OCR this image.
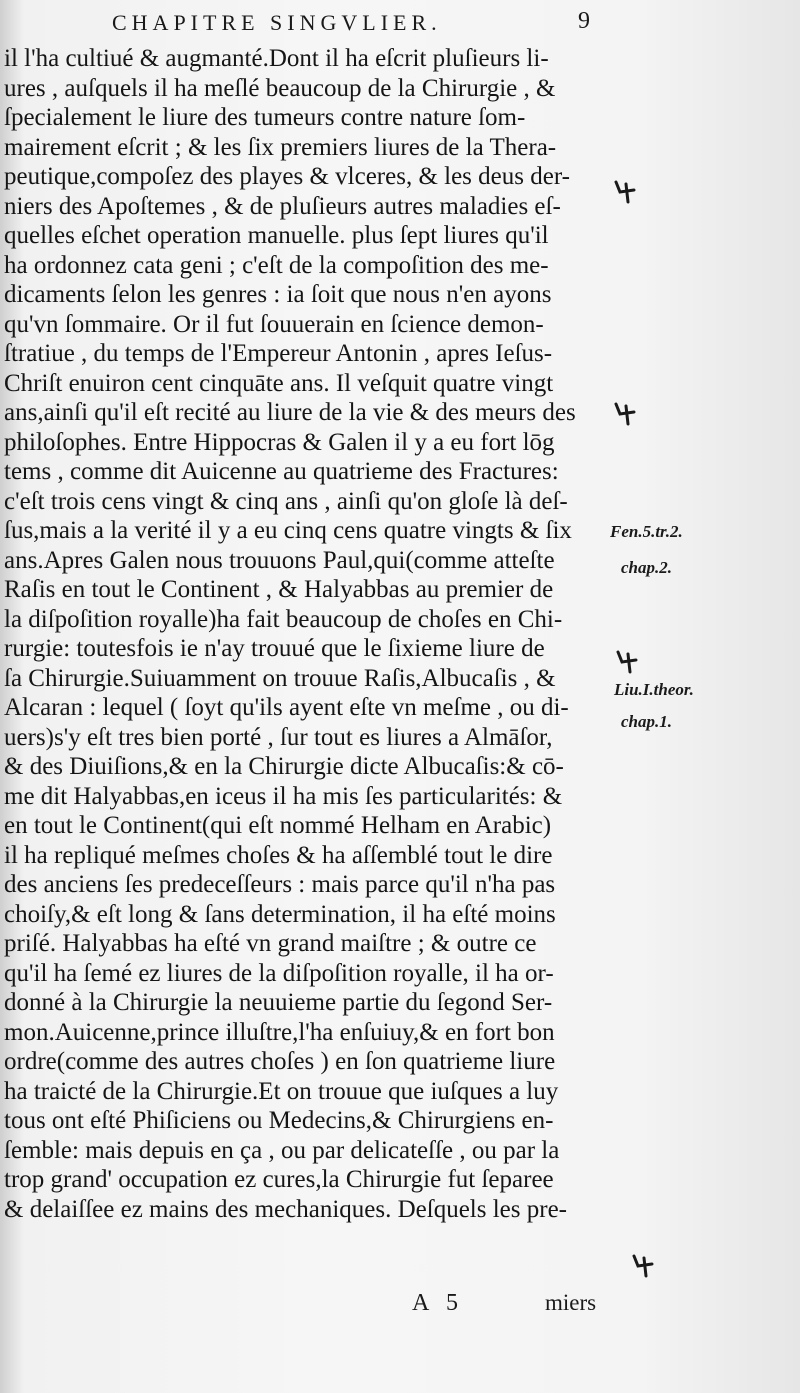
CHAPITRE SINGVLIER.	9
il l'ha cultiué & augmanté.Dont il ha eſcrit pluſieurs li-
ures , auſquels il ha meſlé beaucoup de la Chirurgie , &
ſpecialement le liure des tumeurs contre nature ſom-
mairement eſcrit ; & les ſix premiers liures de la Thera-
peutique,compoſez des playes & vlceres, & les deus der-
niers des Apoſtemes , & de pluſieurs autres maladies eſ-
quelles eſchet operation manuelle. plus ſept liures qu'il
ha ordonnez cata geni ; c'eſt de la compoſition des me-
dicaments ſelon les genres : ia ſoit que nous n'en ayons
qu'vn ſommaire. Or il fut ſouuerain en ſcience demon-
ſtratiue , du temps de l'Empereur Antonin , apres Ieſus-
Chriſt enuiron cent cinquāte ans. Il veſquit quatre vingt
ans,ainſi qu'il eſt recité au liure de la vie & des meurs des
philoſophes. Entre Hippocras & Galen il y a eu fort lōg
tems , comme dit Auicenne au quatrieme des Fractures:
c'eſt trois cens vingt & cinq ans , ainſi qu'on gloſe là deſ-
ſus,mais a la verité il y a eu cinq cens quatre vingts & ſix
ans.Apres Galen nous trouuons Paul,qui(comme atteſte
Raſis en tout le Continent , & Halyabbas au premier de
la diſpoſition royalle)ha fait beaucoup de choſes en Chi-
rurgie: toutesfois ie n'ay trouué que le ſixieme liure de
ſa Chirurgie.Suiuamment on trouue Raſis,Albucaſis , &
Alcaran : lequel ( ſoyt qu'ils ayent eſte vn meſme , ou di-
uers)s'y eſt tres bien porté , ſur tout es liures a Almāſor,
& des Diuiſions,& en la Chirurgie dicte Albucaſis:& cō-
me dit Halyabbas,en iceus il ha mis ſes particularités: &
en tout le Continent(qui eſt nommé Helham en Arabic)
il ha repliqué meſmes choſes & ha aſſemblé tout le dire
des anciens ſes predeceſſeurs : mais parce qu'il n'ha pas
choiſy,& eſt long & ſans determination, il ha eſté moins
priſé. Halyabbas ha eſté vn grand maiſtre ; & outre ce
qu'il ha ſemé ez liures de la diſpoſition royalle, il ha or-
donné à la Chirurgie la neuuieme partie du ſegond Ser-
mon.Auicenne,prince illuſtre,l'ha enſuiuy,& en fort bon
ordre(comme des autres choſes ) en ſon quatrieme liure
ha traicté de la Chirurgie.Et on trouue que iuſques a luy
tous ont eſté Phiſiciens ou Medecins,& Chirurgiens en-
ſemble: mais depuis en ça , ou par delicateſſe , ou par la
trop grand' occupation ez cures,la Chirurgie fut ſeparee
& delaiſſee ez mains des mechaniques. Deſquels les pre-
Fen.5.tr.2.
chap.2.
Liu.I.theor.
chap.1.
A 5	miers
